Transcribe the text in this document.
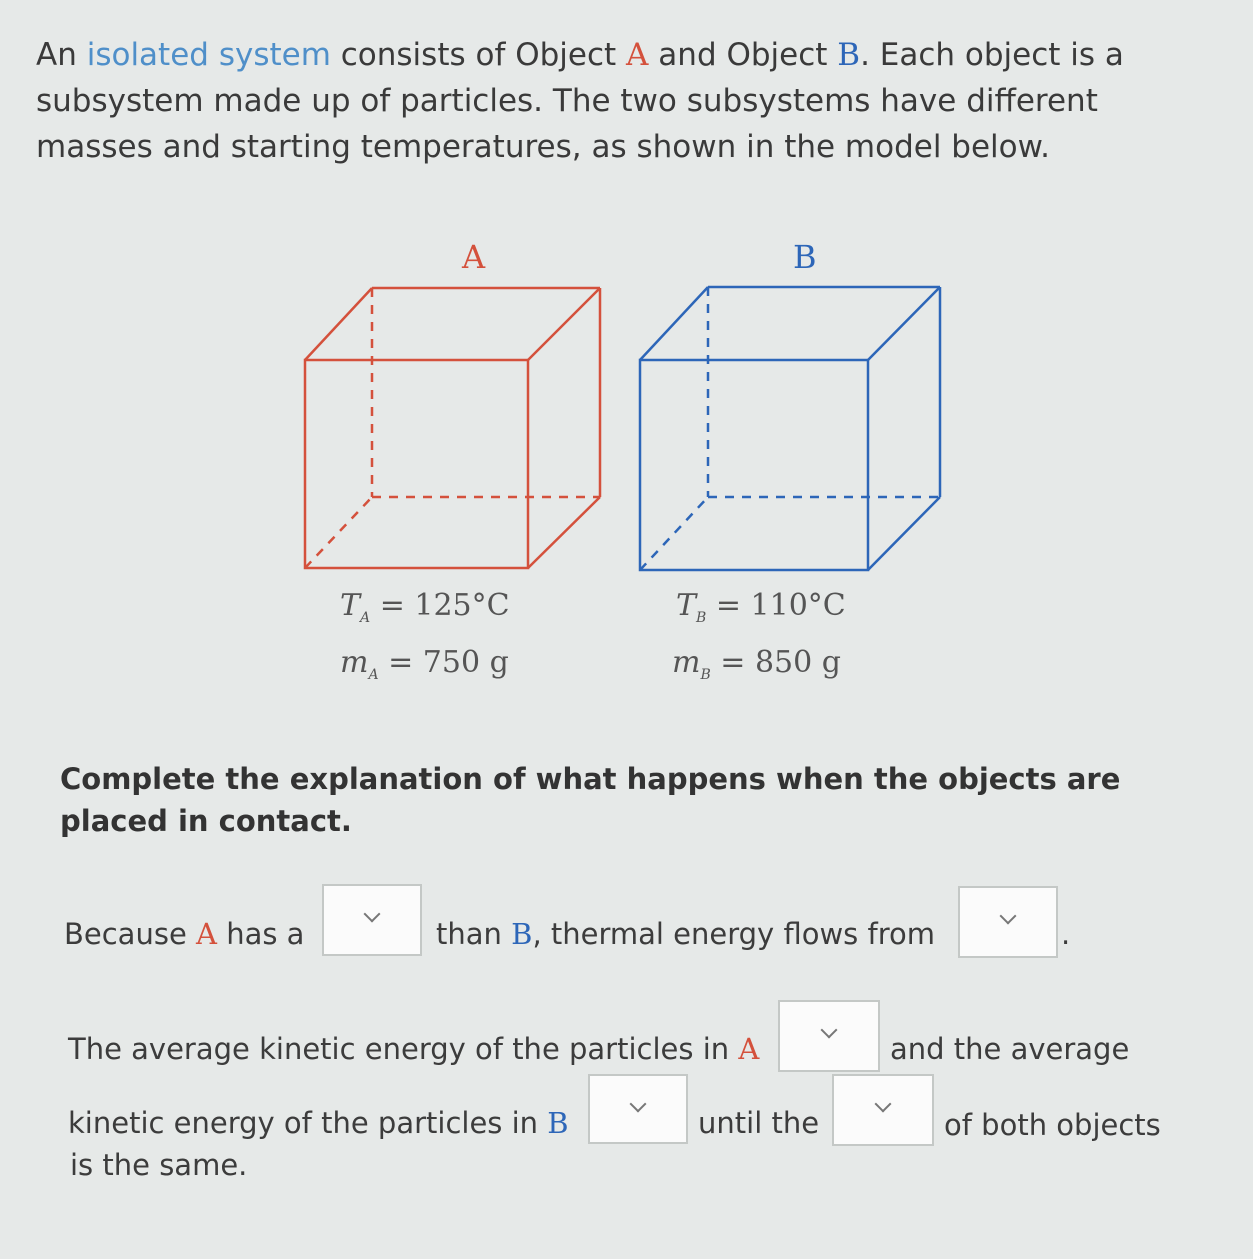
An isolated system consists of Object A and Object B. Each object is a subsystem made up of particles. The two subsystems have different masses and starting temperatures, as shown in the model below.
A	B
$T_A = 125^\circ C$
$m_A = 750$ g
$T_B = 110^\circ C$
$m_B = 850$ g
Complete the explanation of what happens when the objects are placed in contact.
Because A has a	than B, thermal energy flows from	.
The average kinetic energy of the particles in A	and the average
kinetic energy of the particles in B	until the	of both objects
is the same.
